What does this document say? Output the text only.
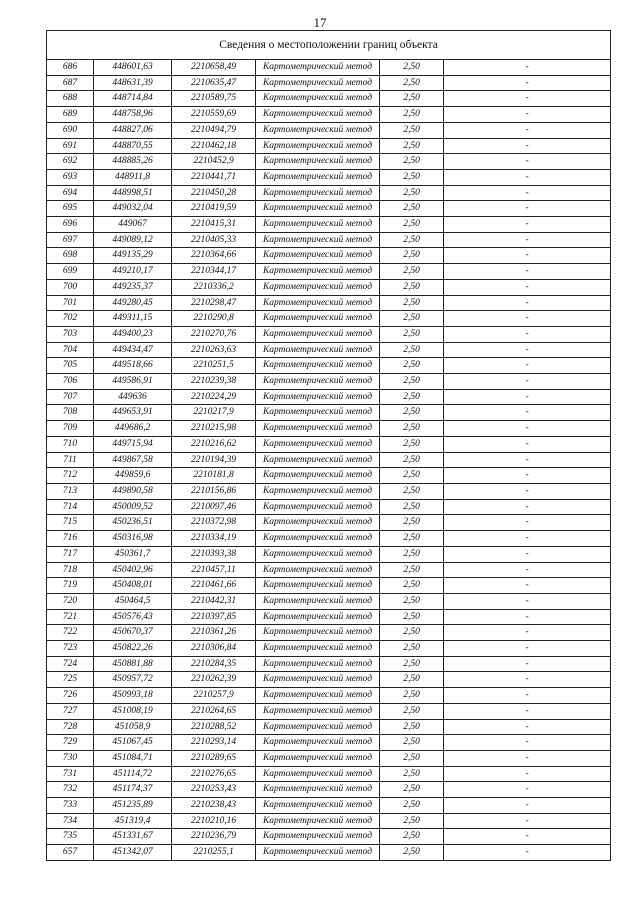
17
Сведения о местоположении границ объекта					
686	448601,63	2210658,49	Картометрический метод	2,50	-
687	448631,39	2210635,47	Картометрический метод	2,50	-
688	448714,84	2210589,75	Картометрический метод	2,50	-
689	448758,96	2210559,69	Картометрический метод	2,50	-
690	448827,06	2210494,79	Картометрический метод	2,50	-
691	448870,55	2210462,18	Картометрический метод	2,50	-
692	448885,26	2210452,9	Картометрический метод	2,50	-
693	448911,8	2210441,71	Картометрический метод	2,50	-
694	448998,51	2210450,28	Картометрический метод	2,50	-
695	449032,04	2210419,59	Картометрический метод	2,50	-
696	449067	2210415,31	Картометрический метод	2,50	-
697	449089,12	2210405,33	Картометрический метод	2,50	-
698	449135,29	2210364,66	Картометрический метод	2,50	-
699	449210,17	2210344,17	Картометрический метод	2,50	-
700	449235,37	2210336,2	Картометрический метод	2,50	-
701	449280,45	2210298,47	Картометрический метод	2,50	-
702	449311,15	2210290,8	Картометрический метод	2,50	-
703	449400,23	2210270,76	Картометрический метод	2,50	-
704	449434,47	2210263,63	Картометрический метод	2,50	-
705	449518,66	2210251,5	Картометрический метод	2,50	-
706	449586,91	2210239,38	Картометрический метод	2,50	-
707	449636	2210224,29	Картометрический метод	2,50	-
708	449653,91	2210217,9	Картометрический метод	2,50	-
709	449686,2	2210215,98	Картометрический метод	2,50	-
710	449715,94	2210216,62	Картометрический метод	2,50	-
711	449867,58	2210194,39	Картометрический метод	2,50	-
712	449859,6	2210181,8	Картометрический метод	2,50	-
713	449890,58	2210156,86	Картометрический метод	2,50	-
714	450009,52	2210097,46	Картометрический метод	2,50	-
715	450236,51	2210372,98	Картометрический метод	2,50	-
716	450316,98	2210334,19	Картометрический метод	2,50	-
717	450361,7	2210393,38	Картометрический метод	2,50	-
718	450402,96	2210457,11	Картометрический метод	2,50	-
719	450408,01	2210461,66	Картометрический метод	2,50	-
720	450464,5	2210442,31	Картометрический метод	2,50	-
721	450576,43	2210397,85	Картометрический метод	2,50	-
722	450670,37	2210361,26	Картометрический метод	2,50	-
723	450822,26	2210306,84	Картометрический метод	2,50	-
724	450881,88	2210284,35	Картометрический метод	2,50	-
725	450957,72	2210262,39	Картометрический метод	2,50	-
726	450993,18	2210257,9	Картометрический метод	2,50	-
727	451008,19	2210264,65	Картометрический метод	2,50	-
728	451058,9	2210288,52	Картометрический метод	2,50	-
729	451067,45	2210293,14	Картометрический метод	2,50	-
730	451084,71	2210289,65	Картометрический метод	2,50	-
731	451114,72	2210276,65	Картометрический метод	2,50	-
732	451174,37	2210253,43	Картометрический метод	2,50	-
733	451235,89	2210238,43	Картометрический метод	2,50	-
734	451319,4	2210210,16	Картометрический метод	2,50	-
735	451331,67	2210236,79	Картометрический метод	2,50	-
657	451342,07	2210255,1	Картометрический метод	2,50	-
